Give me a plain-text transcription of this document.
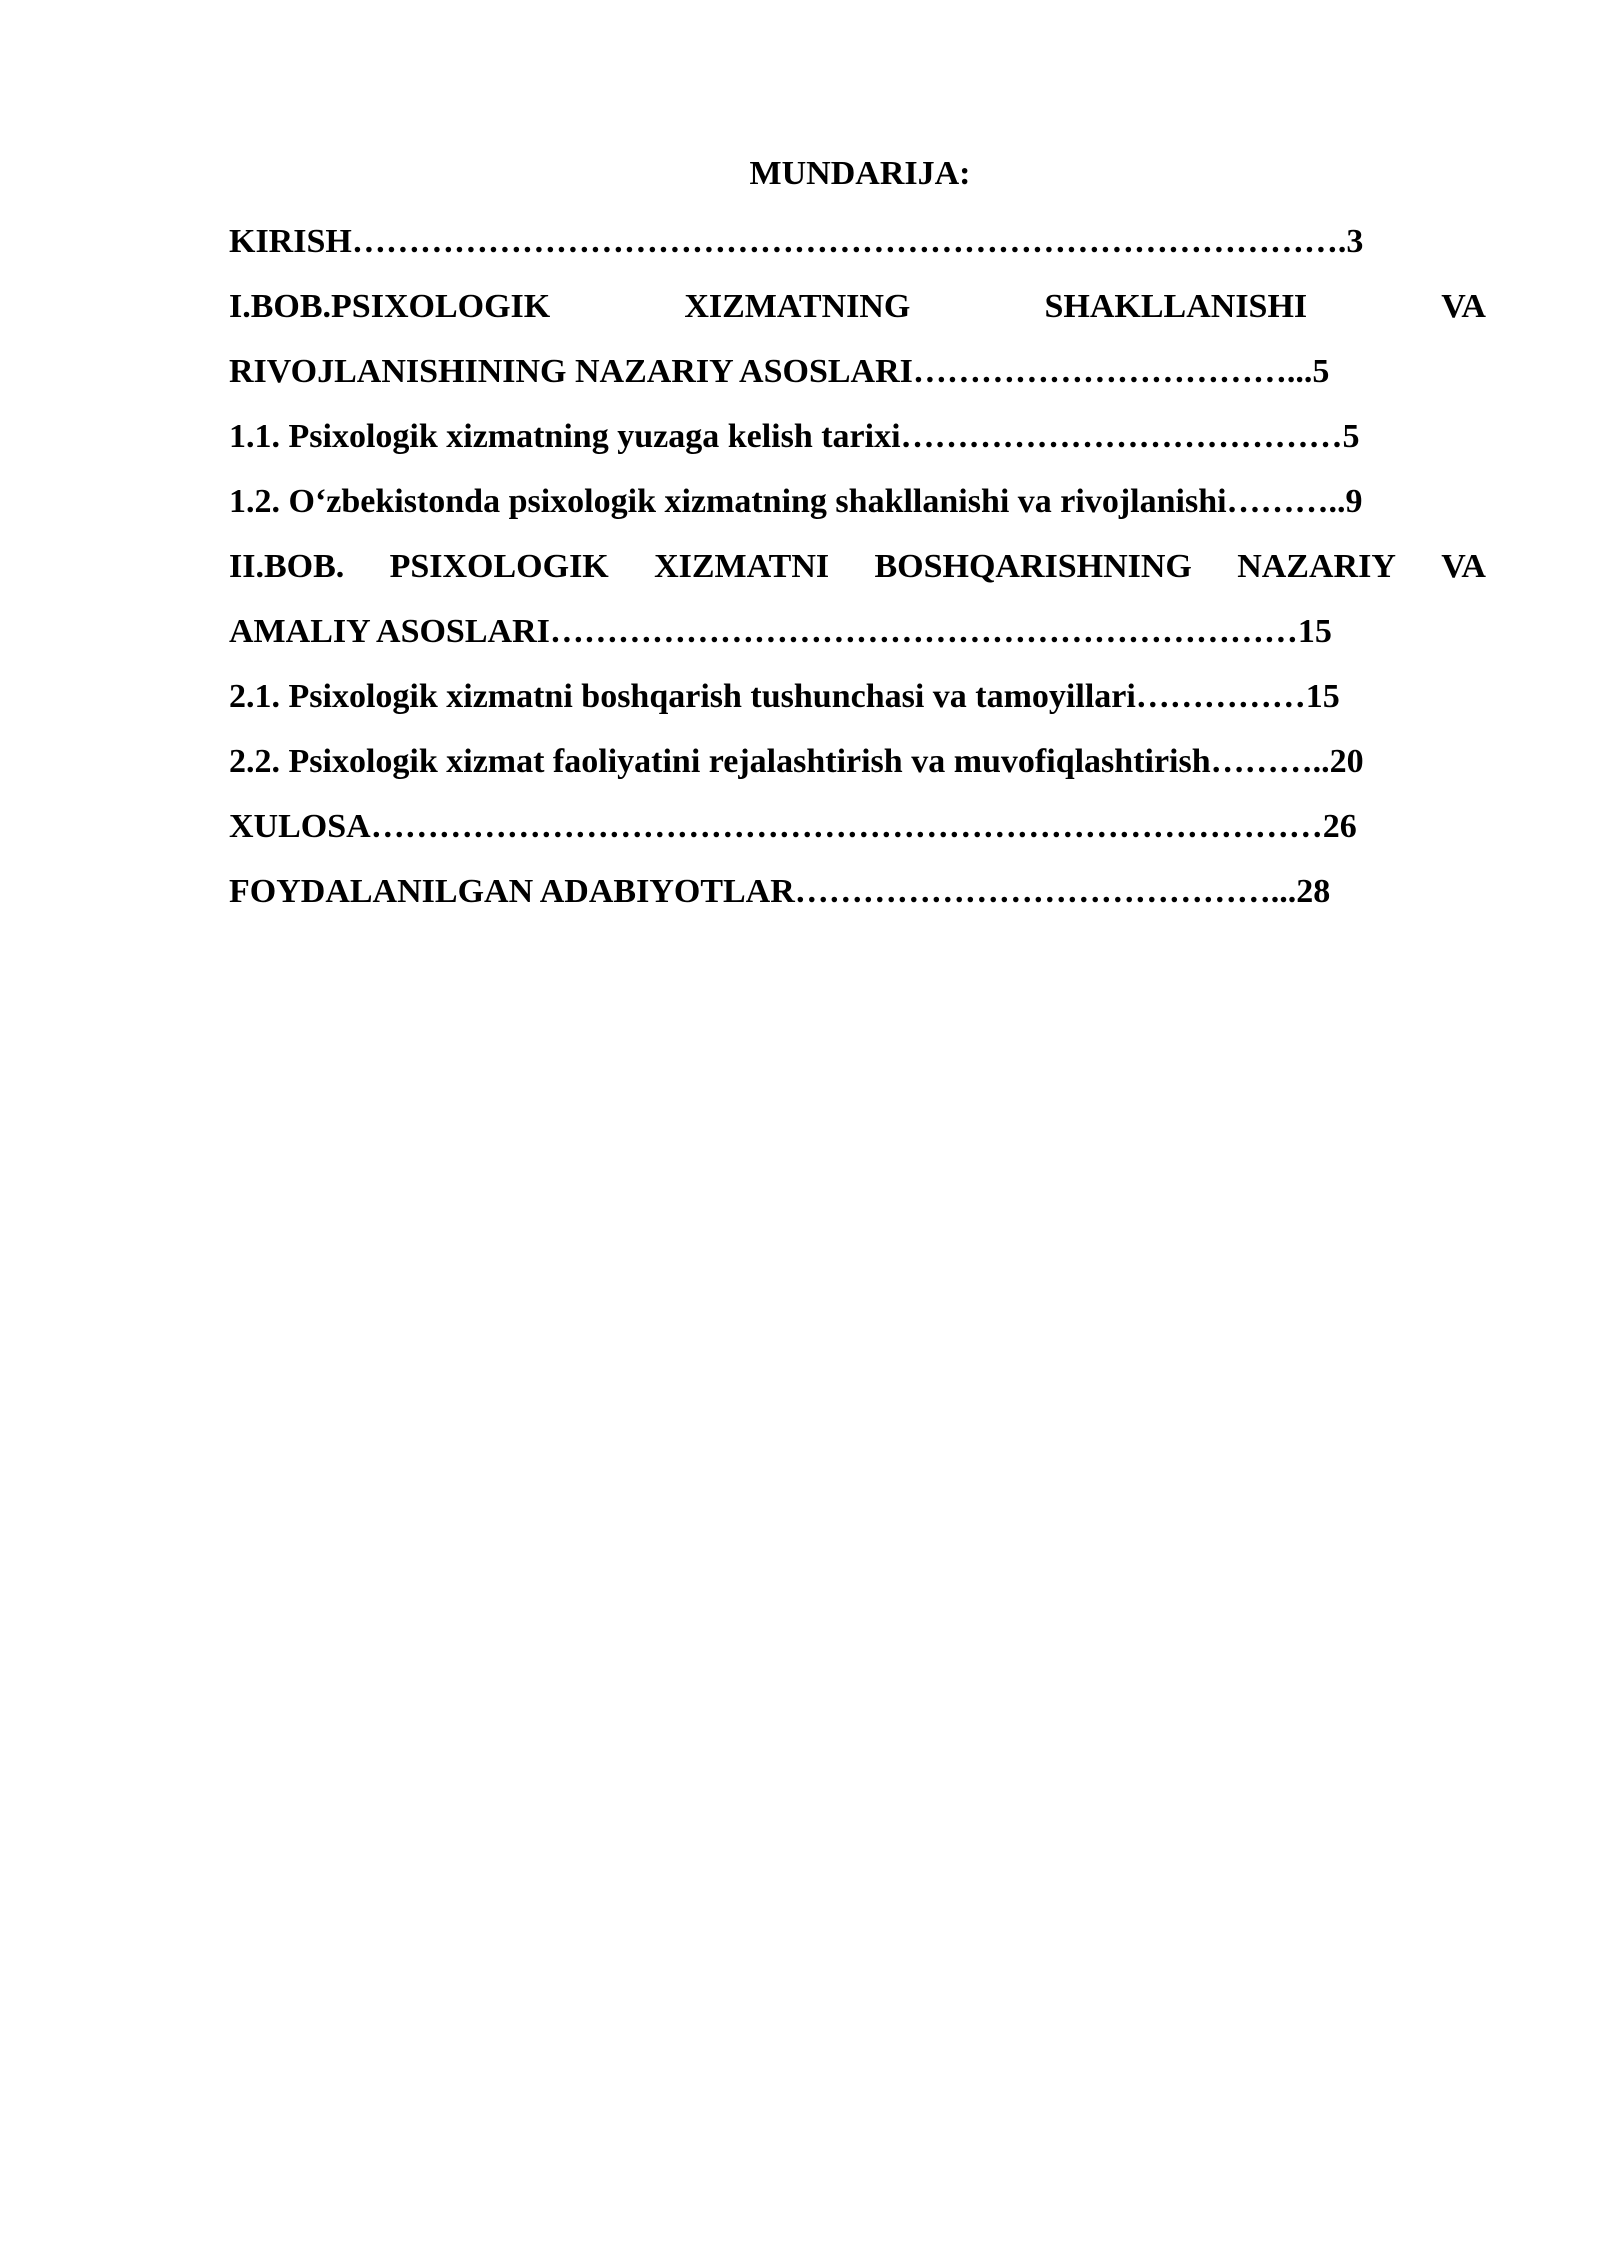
MUNDARIJA:
KIRISH…………………………………………………………………………….3
I.BOB.PSIXOLOGIK	XIZMATNING	SHAKLLANISHI	VA
RIVOJLANISHINING NAZARIY ASOSLARI……………………………...5
1.1. Psixologik xizmatning yuzaga kelish tarixi…………………………………5
1.2. O‘zbekistonda psixologik xizmatning shakllanishi va rivojlanishi………..9
II.BOB. PSIXOLOGIK XIZMATNI BOSHQARISHNING NAZARIY VA
AMALIY ASOSLARI…………………………………………………………15
2.1. Psixologik xizmatni boshqarish tushunchasi va tamoyillari……………15
2.2. Psixologik xizmat faoliyatini rejalashtirish va muvofiqlashtirish………..20
XULOSA…………………………………………………………………………26
FOYDALANILGAN ADABIYOTLAR……………………………………...28
